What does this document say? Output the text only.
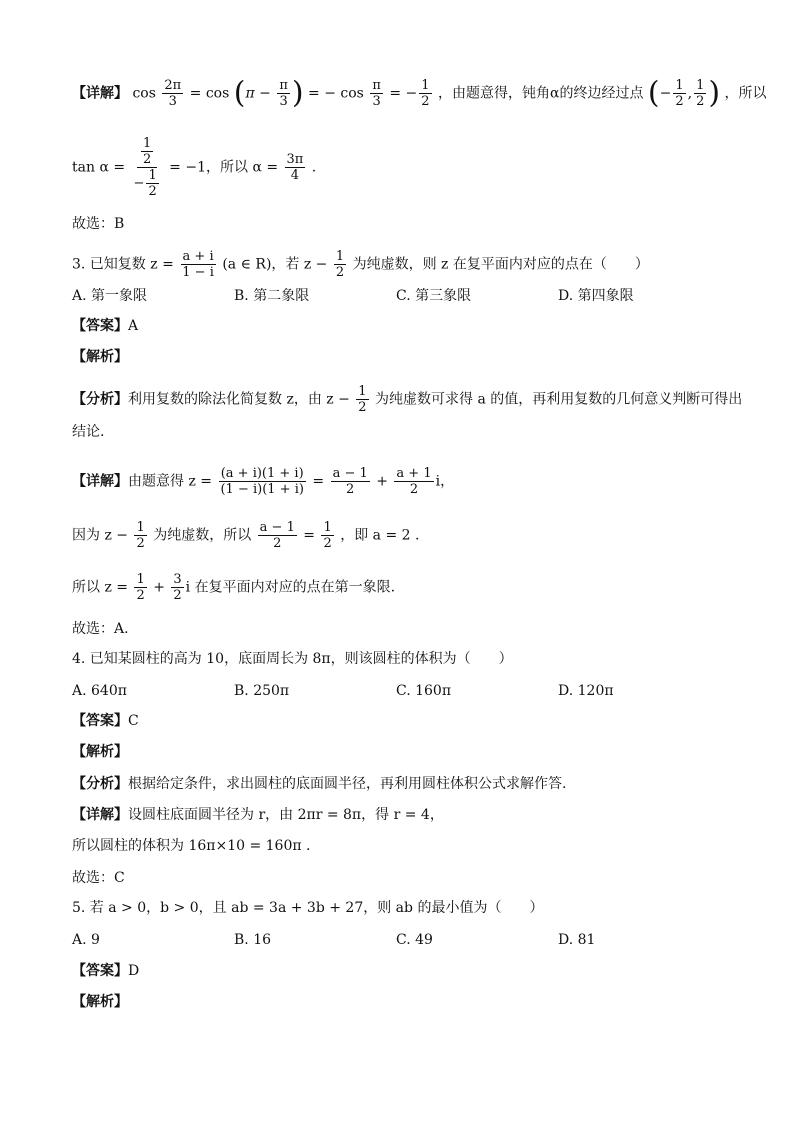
【详解】 $\cos \frac{2\pi}{3} = \cos (\pi - \frac{\pi}{3}$ ) = − $\cos \frac{\pi}{3}$ = − $\frac{1}{2}$ ，由题意得，钝角α的终边经过点 (− $\frac{1}{2}$ , $\frac{1}{2}$ ) ，所以
$\tan \alpha = \frac{\frac{1}{2}}{- \frac{1}{2}} = -1$，所以 $\alpha = \frac{3\pi}{4}$ .
故选：B
3. 已知复数 $z = \frac{a + i}{1 - i} (a$ ∈ R)，若 $z - \frac{1}{2}$ 为纯虚数，则 z 在复平面内对应的点在（　　）
A. 第一象限	B. 第二象限	C. 第三象限	D. 第四象限
【答案】A
【解析】
【分析】利用复数的除法化简复数 z，由 $z - \frac{1}{2}$ 为纯虚数可求得 a 的值，再利用复数的几何意义判断可得出
结论.
【详解】由题意得 $z = \frac{(a + i)(1 + i)}{(1 - i)(1 + i)} = \frac{a - 1}{2} + \frac{a + 1}{2}$ i，
因为 $z - \frac{1}{2}$ 为纯虚数，所以 $\frac{a - 1}{2} = \frac{1}{2}$ ，即 a = 2 .
所以 $z = \frac{1}{2} + \frac{3}{2}$ i 在复平面内对应的点在第一象限.
故选：A.
4. 已知某圆柱的高为 10，底面周长为 8π，则该圆柱的体积为（　　）
A. 640π	B. 250π	C. 160π	D. 120π
【答案】C
【解析】
【分析】根据给定条件，求出圆柱的底面圆半径，再利用圆柱体积公式求解作答.
【详解】设圆柱底面圆半径为 r，由 2πr = 8π，得 r = 4，
所以圆柱的体积为 16π×10 = 160π .
故选：C
5. 若 a > 0，b > 0，且 ab = 3a + 3b + 27，则 ab 的最小值为（　　）
A. 9	B. 16	C. 49	D. 81
【答案】D
【解析】
